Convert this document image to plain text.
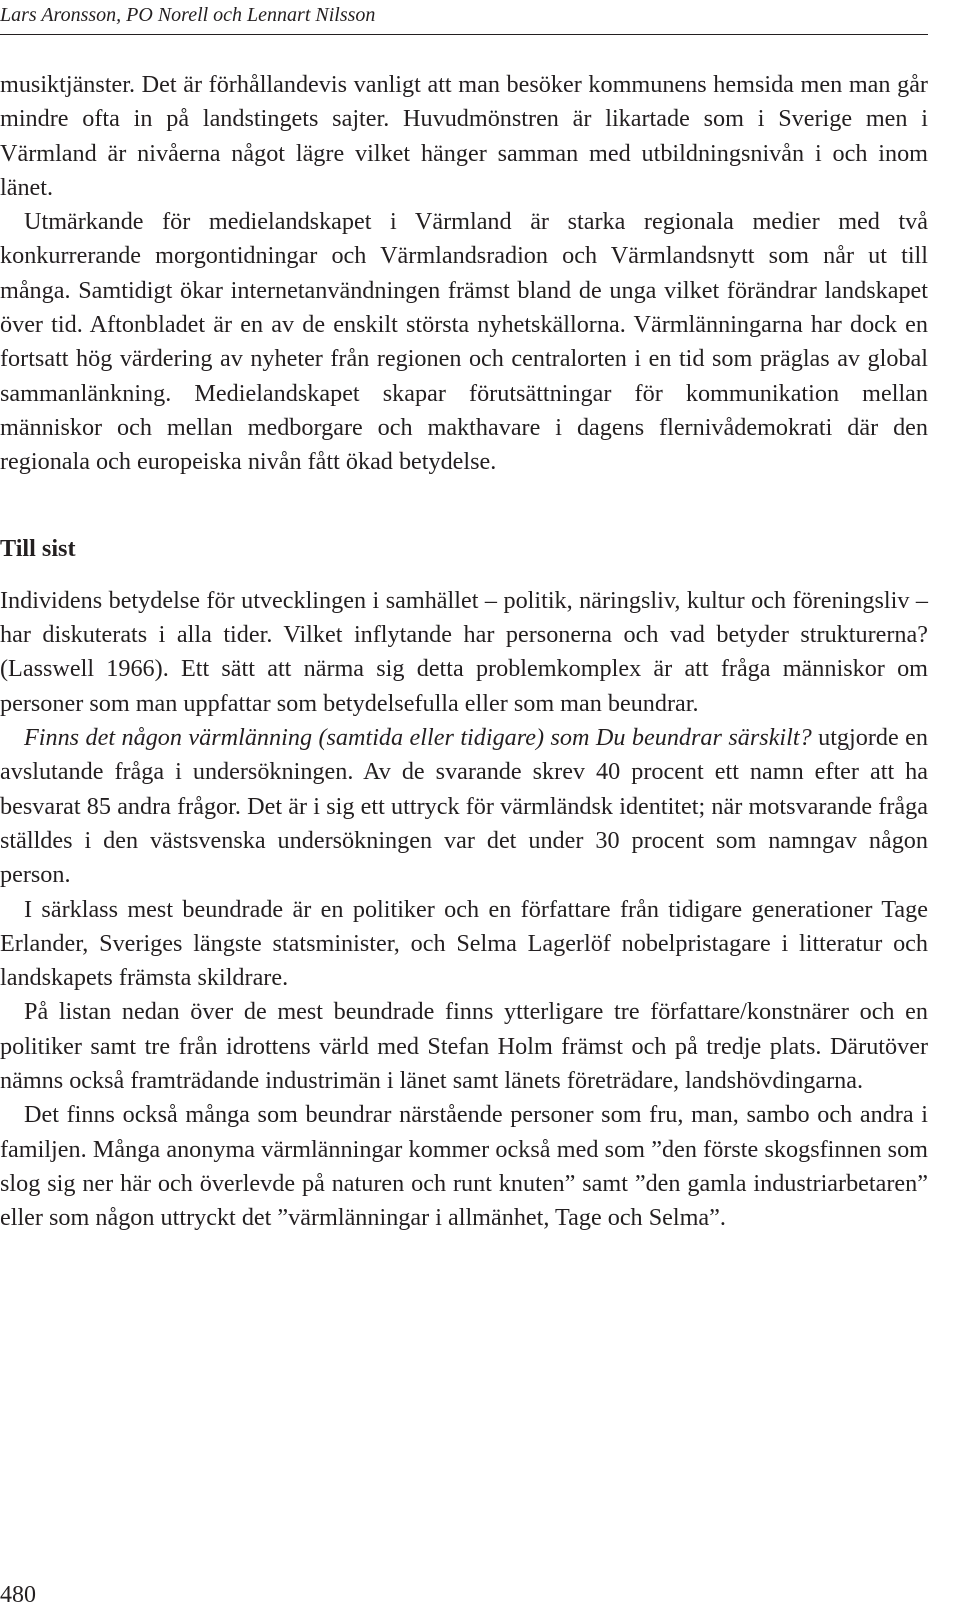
Lars Aronsson, PO Norell och Lennart Nilsson

musiktjänster. Det är förhållandevis vanligt att man besöker kommunens hemsida men man går mindre ofta in på landstingets sajter. Huvudmönstren är likartade som i Sverige men i Värmland är nivåerna något lägre vilket hänger samman med utbildningsnivån i och inom länet.

Utmärkande för medielandskapet i Värmland är starka regionala medier med två konkurrerande morgontidningar och Värmlandsradion och Värmlandsnytt som når ut till många. Samtidigt ökar internetanvändningen främst bland de unga vilket förändrar landskapet över tid. Aftonbladet är en av de enskilt största nyhetskällorna. Värmlänningarna har dock en fortsatt hög värdering av nyheter från regionen och centralorten i en tid som präglas av global sammanlänkning. Medielandskapet skapar förutsättningar för kommunikation mellan människor och mellan medborgare och makthavare i dagens flernivådemokrati där den regionala och europeiska nivån fått ökad betydelse.

Till sist

Individens betydelse för utvecklingen i samhället – politik, näringsliv, kultur och föreningsliv – har diskuterats i alla tider. Vilket inflytande har personerna och vad betyder strukturerna? (Lasswell 1966). Ett sätt att närma sig detta problemkomplex är att fråga människor om personer som man uppfattar som betydelsefulla eller som man beundrar.

Finns det någon värmlänning (samtida eller tidigare) som Du beundrar särskilt? utgjorde en avslutande fråga i undersökningen. Av de svarande skrev 40 procent ett namn efter att ha besvarat 85 andra frågor. Det är i sig ett uttryck för värmländsk identitet; när motsvarande fråga ställdes i den västsvenska undersökningen var det under 30 procent som namngav någon person.

I särklass mest beundrade är en politiker och en författare från tidigare generationer Tage Erlander, Sveriges längste statsminister, och Selma Lagerlöf nobelpristagare i litteratur och landskapets främsta skildrare.

På listan nedan över de mest beundrade finns ytterligare tre författare/konstnärer och en politiker samt tre från idrottens värld med Stefan Holm främst och på tredje plats. Därutöver nämns också framträdande industrimän i länet samt länets företrädare, landshövdingarna.

Det finns också många som beundrar närstående personer som fru, man, sambo och andra i familjen. Många anonyma värmlänningar kommer också med som ”den förste skogsfinnen som slog sig ner här och överlevde på naturen och runt knuten” samt ”den gamla industriarbetaren” eller som någon uttryckt det ”värmlänningar i allmänhet, Tage och Selma”.

480
